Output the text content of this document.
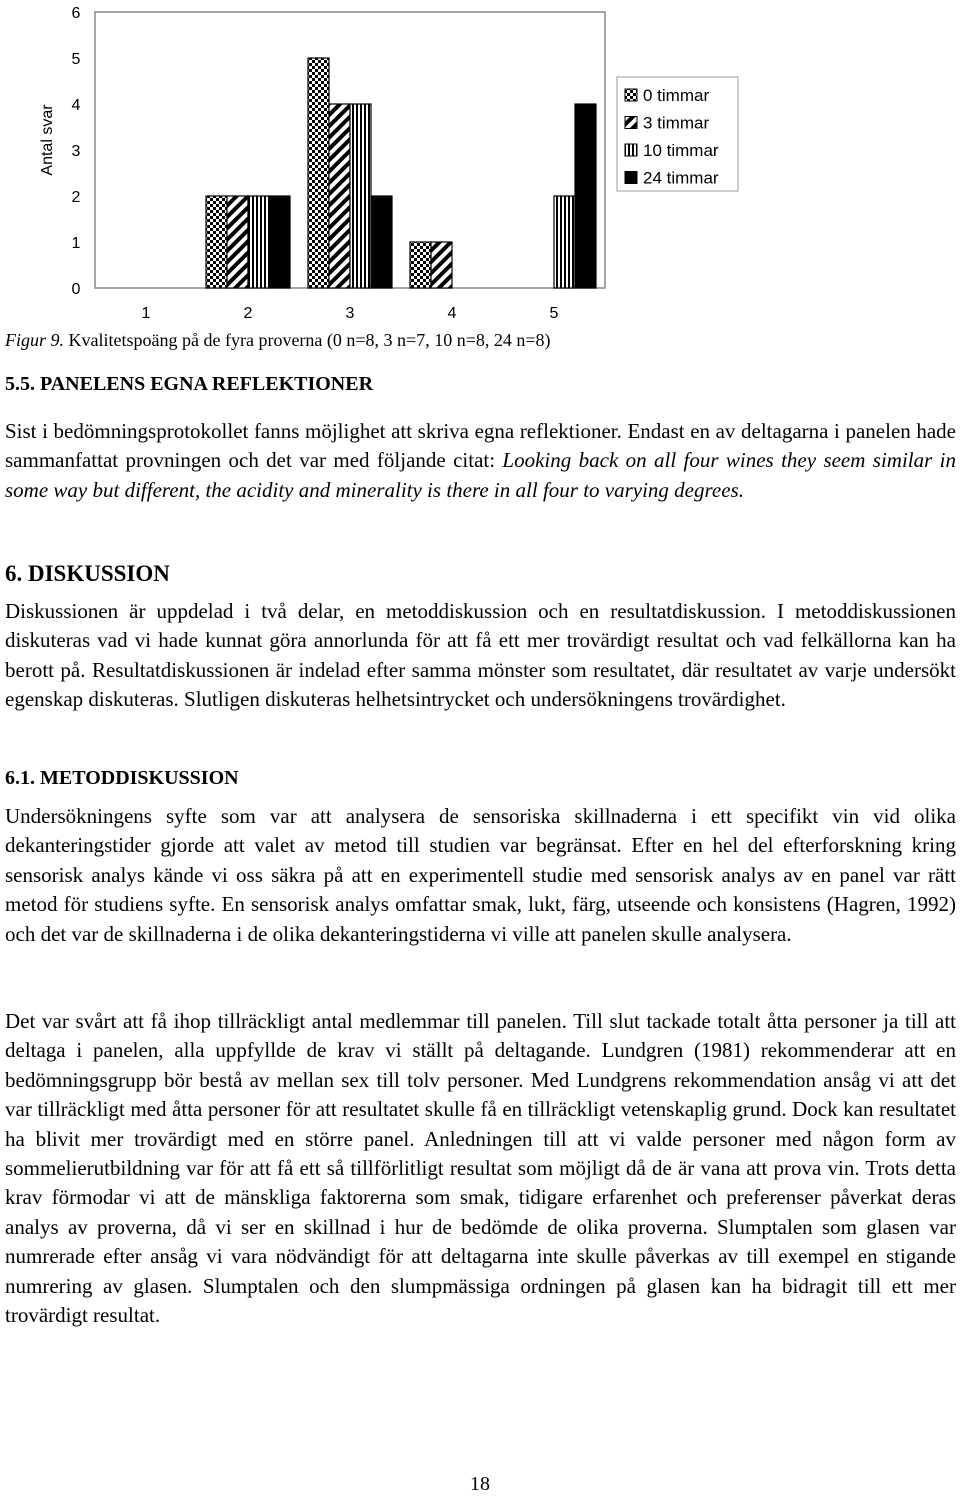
0
1
2
3
4
5
6
1	2	3	4	5
0 timmar
3 timmar
10 timmar
24 timmar
Antal svar
Figur 9. Kvalitetspoäng på de fyra proverna (0 n=8, 3 n=7, 10 n=8, 24 n=8)
5.5. PANELENS EGNA REFLEKTIONER
Sist i bedömningsprotokollet fanns möjlighet att skriva egna reflektioner. Endast en av deltagarna i panelen hade sammanfattat provningen och det var med följande citat: Looking back on all four wines they seem similar in some way but different, the acidity and minerality is there in all four to varying degrees.
6. DISKUSSION
Diskussionen är uppdelad i två delar, en metoddiskussion och en resultatdiskussion. I metoddiskussionen diskuteras vad vi hade kunnat göra annorlunda för att få ett mer trovärdigt resultat och vad felkällorna kan ha berott på. Resultatdiskussionen är indelad efter samma mönster som resultatet, där resultatet av varje undersökt egenskap diskuteras. Slutligen diskuteras helhetsintrycket och undersökningens trovärdighet.
6.1. METODDISKUSSION
Undersökningens syfte som var att analysera de sensoriska skillnaderna i ett specifikt vin vid olika dekanteringstider gjorde att valet av metod till studien var begränsat. Efter en hel del efterforskning kring sensorisk analys kände vi oss säkra på att en experimentell studie med sensorisk analys av en panel var rätt metod för studiens syfte. En sensorisk analys omfattar smak, lukt, färg, utseende och konsistens (Hagren, 1992) och det var de skillnaderna i de olika dekanteringstiderna vi ville att panelen skulle analysera.
Det var svårt att få ihop tillräckligt antal medlemmar till panelen. Till slut tackade totalt åtta personer ja till att deltaga i panelen, alla uppfyllde de krav vi ställt på deltagande. Lundgren (1981) rekommenderar att en bedömningsgrupp bör bestå av mellan sex till tolv personer. Med Lundgrens rekommendation ansåg vi att det var tillräckligt med åtta personer för att resultatet skulle få en tillräckligt vetenskaplig grund. Dock kan resultatet ha blivit mer trovärdigt med en större panel. Anledningen till att vi valde personer med någon form av sommelierutbildning var för att få ett så tillförlitligt resultat som möjligt då de är vana att prova vin. Trots detta krav förmodar vi att de mänskliga faktorerna som smak, tidigare erfarenhet och preferenser påverkat deras analys av proverna, då vi ser en skillnad i hur de bedömde de olika proverna. Slumptalen som glasen var numrerade efter ansåg vi vara nödvändigt för att deltagarna inte skulle påverkas av till exempel en stigande numrering av glasen. Slumptalen och den slumpmässiga ordningen på glasen kan ha bidragit till ett mer trovärdigt resultat.
18
